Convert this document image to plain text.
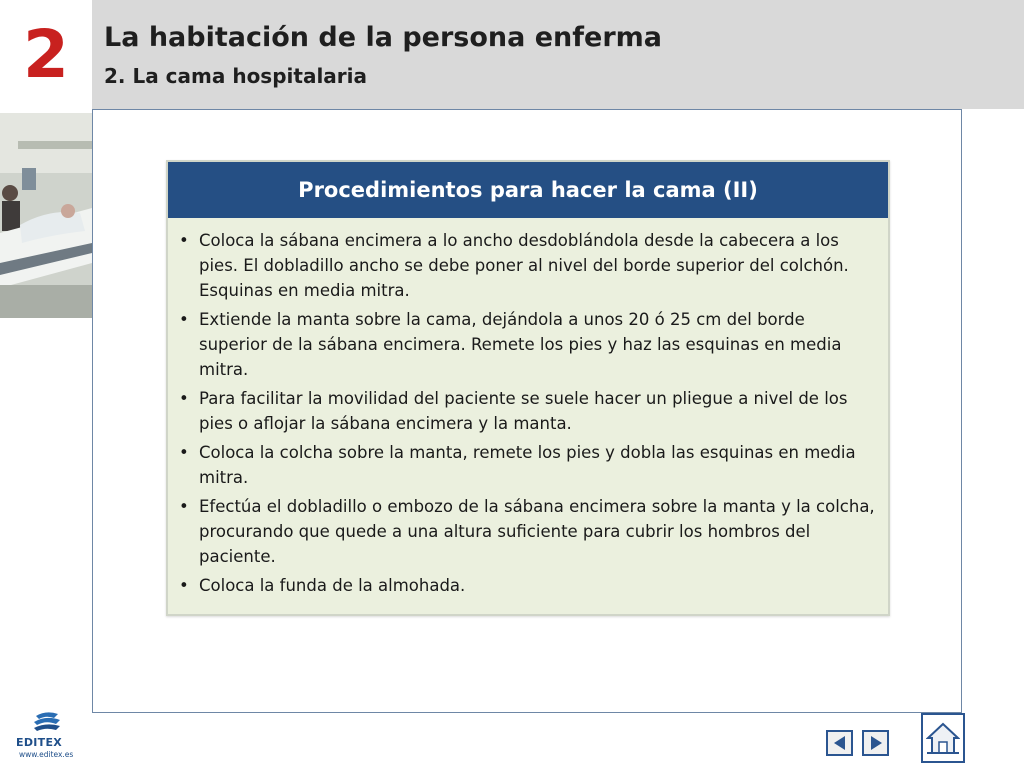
2	La habitación de la persona enferma
2. La cama hospitalaria
Procedimientos para hacer la cama (II)
• Coloca la sábana encimera a lo ancho desdoblándola desde la cabecera a los pies. El dobladillo ancho se debe poner al nivel del borde superior del colchón. Esquinas en media mitra.
• Extiende la manta sobre la cama, dejándola a unos 20 ó 25 cm del borde superior de la sábana encimera. Remete los pies y haz las esquinas en media mitra.
• Para facilitar la movilidad del paciente se suele hacer un pliegue a nivel de los pies o aflojar la sábana encimera y la manta.
• Coloca la colcha sobre la manta, remete los pies y dobla las esquinas en media mitra.
• Efectúa el dobladillo o embozo de la sábana encimera sobre la manta y la colcha, procurando que quede a una altura suficiente para cubrir los hombros del paciente.
• Coloca la funda de la almohada.
EDITEX
www.editex.es
